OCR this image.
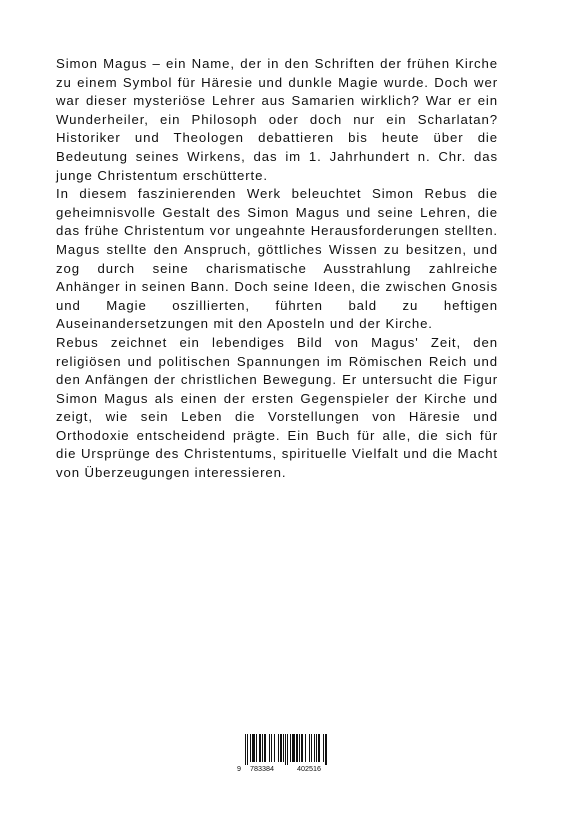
Simon Magus – ein Name, der in den Schriften der frühen Kirche zu einem Symbol für Häresie und dunkle Magie wurde. Doch wer war dieser mysteriöse Lehrer aus Samarien wirklich? War er ein Wunderheiler, ein Philosoph oder doch nur ein Scharlatan? Historiker und Theologen debattieren bis heute über die Bedeutung seines Wirkens, das im 1. Jahrhundert n. Chr. das junge Christentum erschütterte.

In diesem faszinierenden Werk beleuchtet Simon Rebus die geheimnisvolle Gestalt des Simon Magus und seine Lehren, die das frühe Christentum vor ungeahnte Herausforderungen stellten. Magus stellte den Anspruch, göttliches Wissen zu besitzen, und zog durch seine charismatische Ausstrahlung zahlreiche Anhänger in seinen Bann. Doch seine Ideen, die zwischen Gnosis und Magie oszillierten, führten bald zu heftigen Auseinandersetzungen mit den Aposteln und der Kirche.

Rebus zeichnet ein lebendiges Bild von Magus' Zeit, den religiösen und politischen Spannungen im Römischen Reich und den Anfängen der christlichen Bewegung. Er untersucht die Figur Simon Magus als einen der ersten Gegenspieler der Kirche und zeigt, wie sein Leben die Vorstellungen von Häresie und Orthodoxie entscheidend prägte. Ein Buch für alle, die sich für die Ursprünge des Christentums, spirituelle Vielfalt und die Macht von Überzeugungen interessieren.

9 783384	402516
